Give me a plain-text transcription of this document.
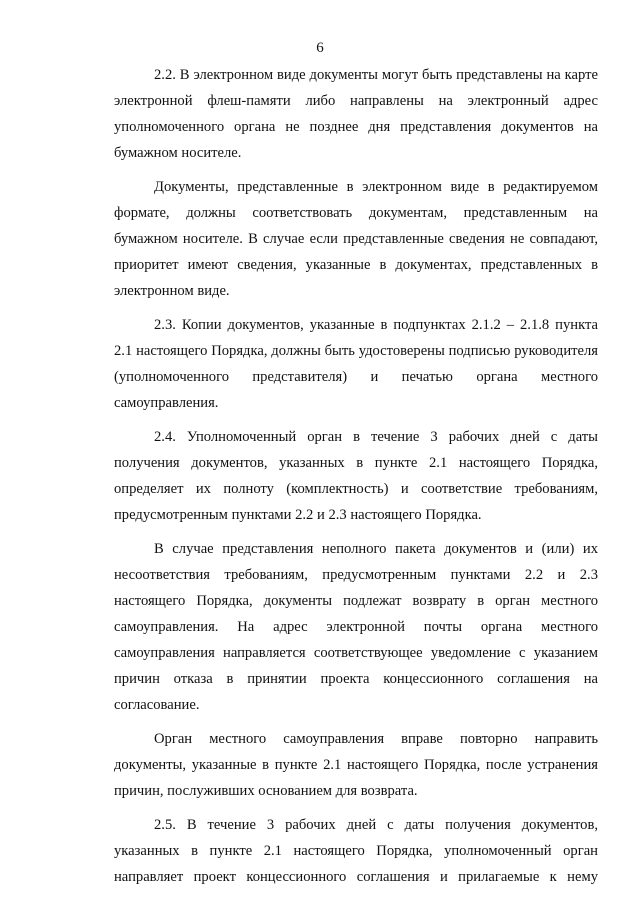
6

2.2. В электронном виде документы могут быть представлены на карте электронной флеш-памяти либо направлены на электронный адрес уполномоченного органа не позднее дня представления документов на бумажном носителе.

Документы, представленные в электронном виде в редактируемом формате, должны соответствовать документам, представленным на бумажном носителе. В случае если представленные сведения не совпадают, приоритет имеют сведения, указанные в документах, представленных в электронном виде.

2.3. Копии документов, указанные в подпунктах 2.1.2 – 2.1.8 пункта 2.1 настоящего Порядка, должны быть удостоверены подписью руководителя (уполномоченного представителя) и печатью органа местного самоуправления.

2.4. Уполномоченный орган в течение 3 рабочих дней с даты получения документов, указанных в пункте 2.1 настоящего Порядка, определяет их полноту (комплектность) и соответствие требованиям, предусмотренным пунктами 2.2 и 2.3 настоящего Порядка.

В случае представления неполного пакета документов и (или) их несоответствия требованиям, предусмотренным пунктами 2.2 и 2.3 настоящего Порядка, документы подлежат возврату в орган местного самоуправления. На адрес электронной почты органа местного самоуправления направляется соответствующее уведомление с указанием причин отказа в принятии проекта концессионного соглашения на согласование.

Орган местного самоуправления вправе повторно направить документы, указанные в пункте 2.1 настоящего Порядка, после устранения причин, послуживших основанием для возврата.

2.5. В течение 3 рабочих дней с даты получения документов, указанных в пункте 2.1 настоящего Порядка, уполномоченный орган направляет проект концессионного соглашения и прилагаемые к нему
